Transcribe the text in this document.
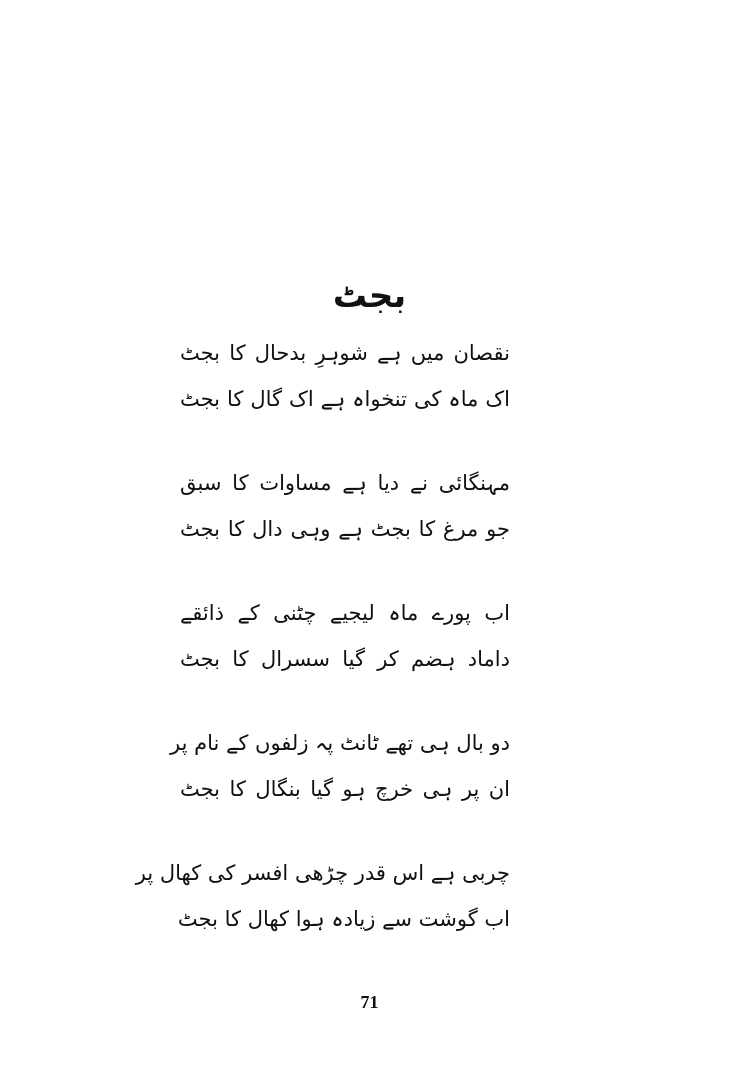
بجٹ
نقصان میں ہے شوہرِ بدحال کا بجٹ
اک ماہ کی تنخواہ ہے اک گال کا بجٹ
مہنگائی نے دیا ہے مساوات کا سبق
جو مرغ کا بجٹ ہے وہی دال کا بجٹ
اب پورے ماہ لیجیے چٹنی کے ذائقے
داماد ہضم کر گیا سسرال کا بجٹ
دو بال ہی تھے ٹانٹ پہ زلفوں کے نام پر
ان پر ہی خرچ ہو گیا بنگال کا بجٹ
چربی ہے اس قدر چڑھی افسر کی کھال پر
اب گوشت سے زیادہ ہوا کھال کا بجٹ
71
